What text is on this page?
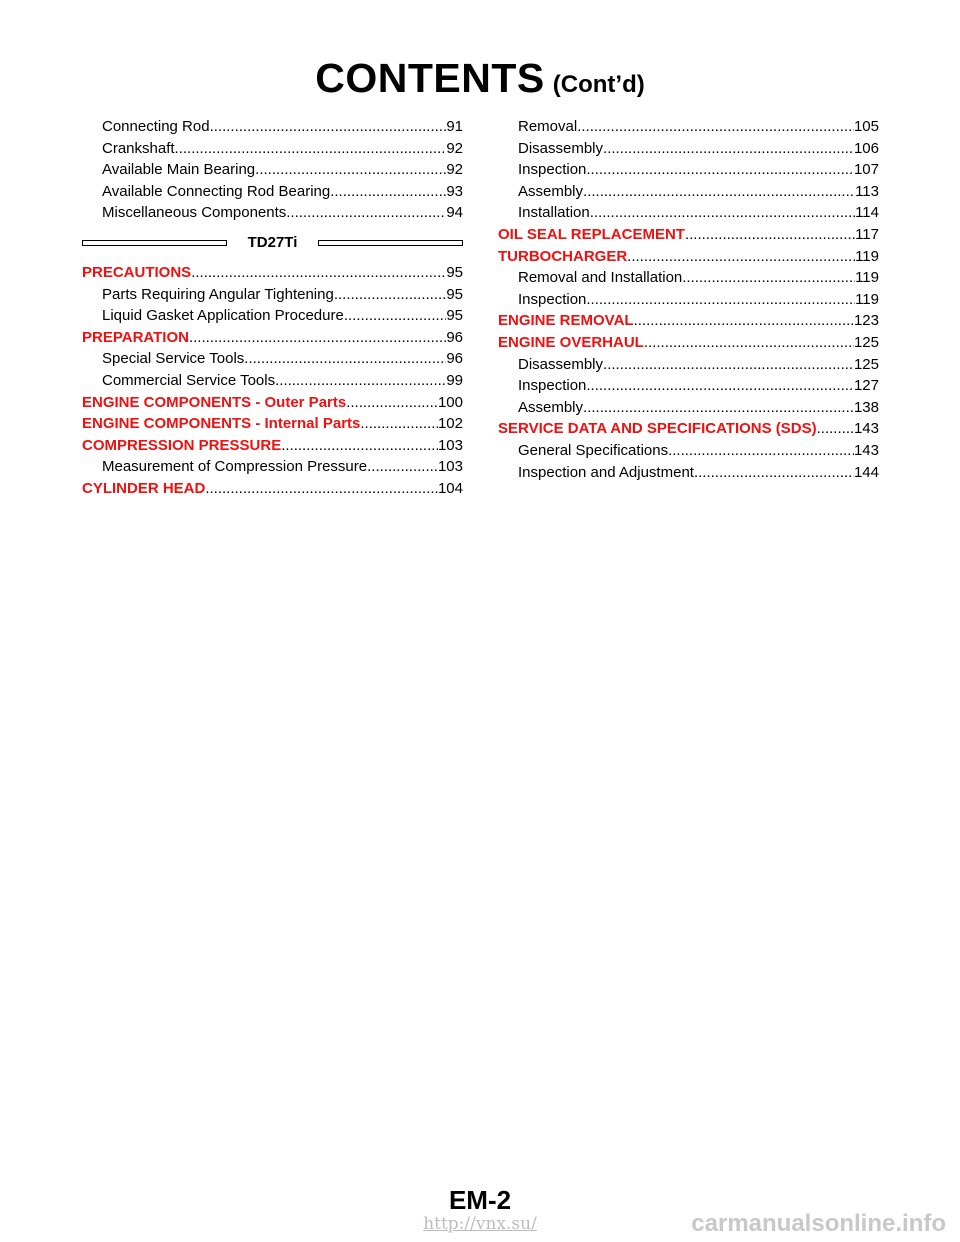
CONTENTS (Cont’d)
Connecting Rod .....	91
Crankshaft .....	92
Available Main Bearing .....	92
Available Connecting Rod Bearing .....	93
Miscellaneous Components .....	94
TD27Ti
PRECAUTIONS .....	95
Parts Requiring Angular Tightening .....	95
Liquid Gasket Application Procedure .....	95
PREPARATION .....	96
Special Service Tools .....	96
Commercial Service Tools .....	99
ENGINE COMPONENTS - Outer Parts .....	100
ENGINE COMPONENTS - Internal Parts .....	102
COMPRESSION PRESSURE .....	103
Measurement of Compression Pressure .....	103
CYLINDER HEAD .....	104
Removal .....	105
Disassembly .....	106
Inspection .....	107
Assembly .....	113
Installation .....	114
OIL SEAL REPLACEMENT .....	117
TURBOCHARGER .....	119
Removal and Installation .....	119
Inspection .....	119
ENGINE REMOVAL .....	123
ENGINE OVERHAUL .....	125
Disassembly .....	125
Inspection .....	127
Assembly .....	138
SERVICE DATA AND SPECIFICATIONS (SDS) ..... 143
General Specifications .....	143
Inspection and Adjustment .....	144
EM-2
http://vnx.su/	carmanualsonline.info
